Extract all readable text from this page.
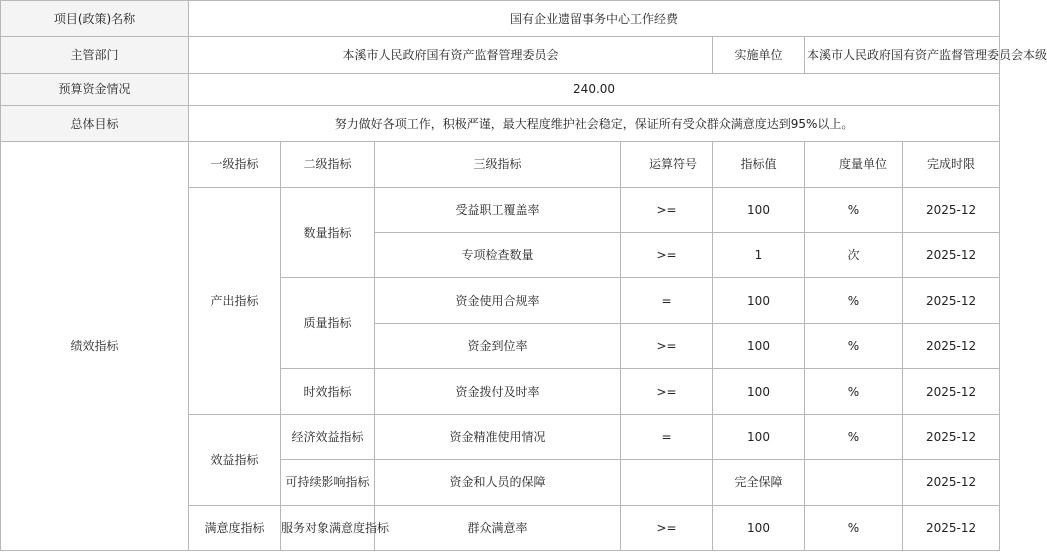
项目(政策)名称	国有企业遗留事务中心工作经费						
主管部门	本溪市人民政府国有资产监督管理委员会				实施单位	本溪市人民政府国有资产监督管理委员会本级	
预算资金情况	240.00						
总体目标	努力做好各项工作，积极严谨，最大程度维护社会稳定，保证所有受众群众满意度达到95%以上。						
绩效指标	一级指标	二级指标	三级指标	运算符号	指标值	度量单位	完成时限
	产出指标	数量指标	受益职工覆盖率	>=	100	%	2025-12
			专项检查数量	>=	1	次	2025-12
		质量指标	资金使用合规率	=	100	%	2025-12
			资金到位率	>=	100	%	2025-12
		时效指标	资金拨付及时率	>=	100	%	2025-12
	效益指标	经济效益指标	资金精准使用情况	=	100	%	2025-12
		可持续影响指标	资金和人员的保障		完全保障		2025-12
	满意度指标	服务对象满意度指标	群众满意率	>=	100	%	2025-12
